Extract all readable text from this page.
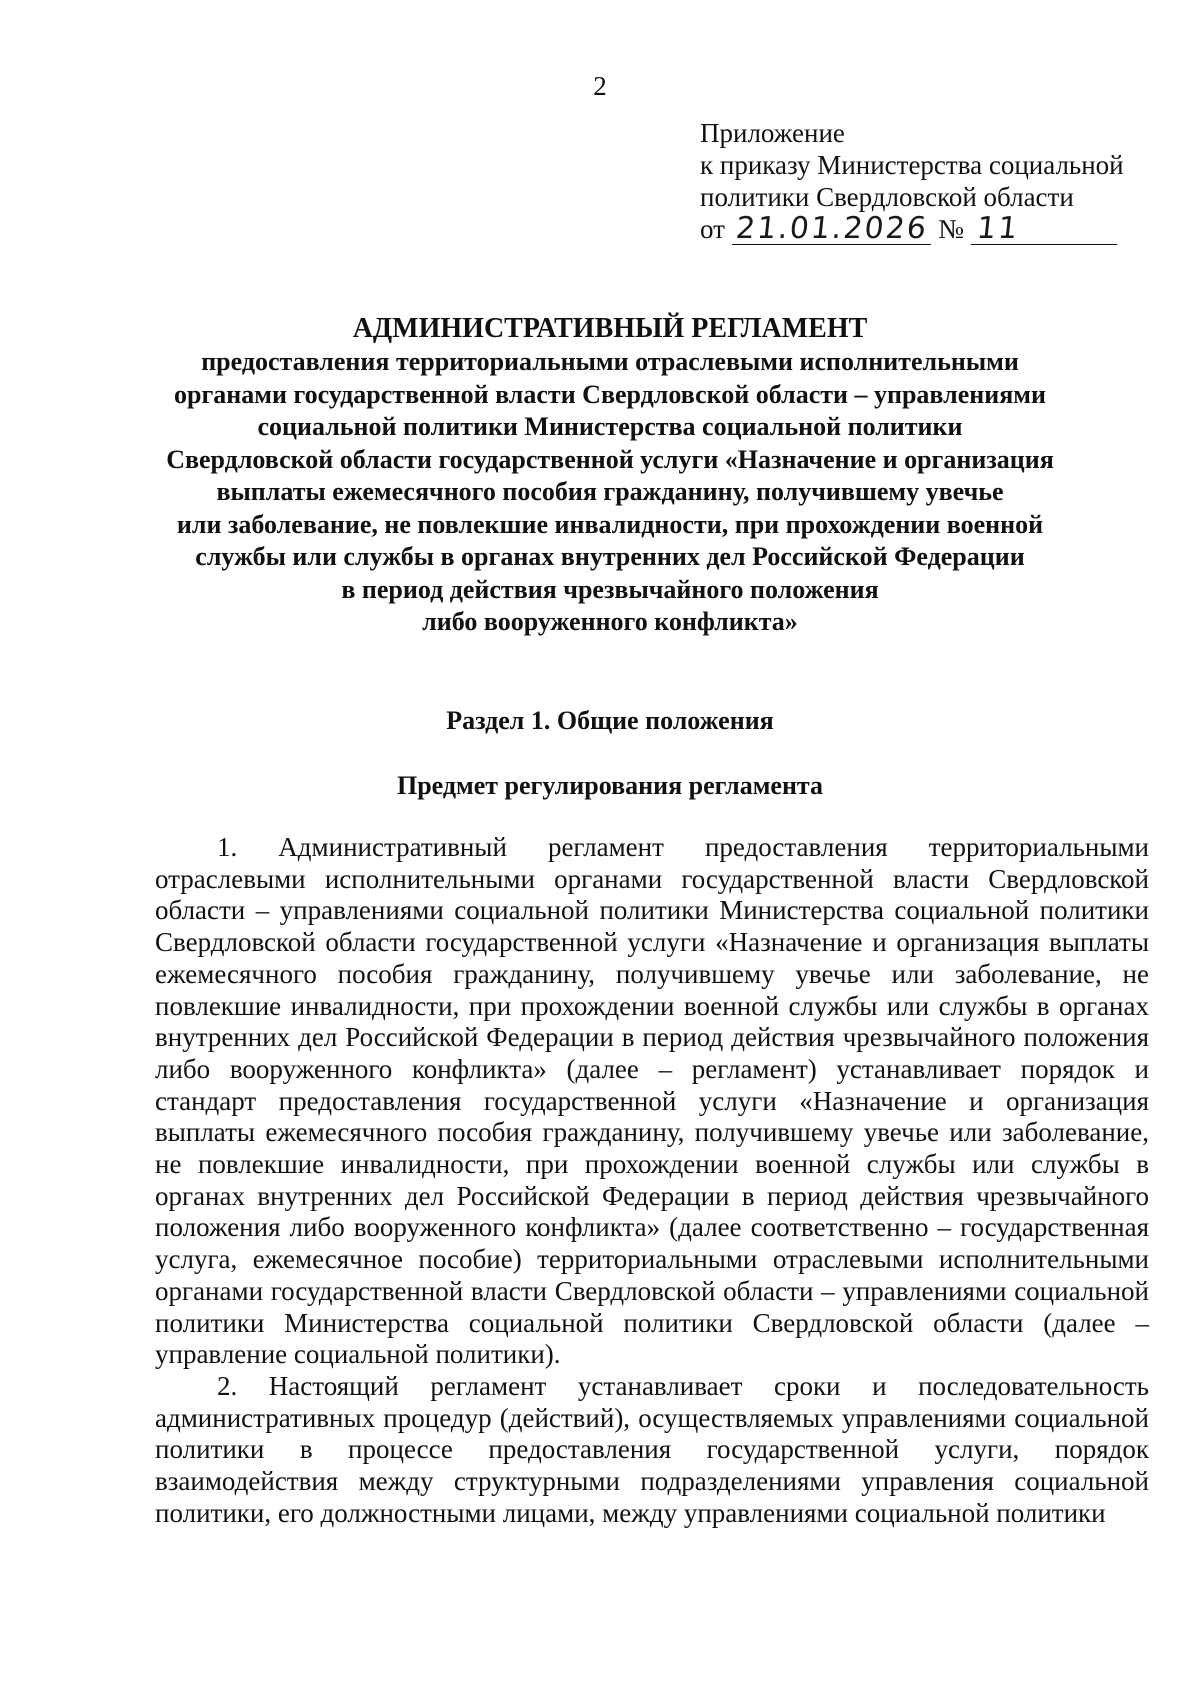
2
Приложение
к приказу Министерства социальной
политики Свердловской области
от 21.01.2026 № 11
АДМИНИСТРАТИВНЫЙ РЕГЛАМЕНТ
предоставления территориальными отраслевыми исполнительными
органами государственной власти Свердловской области – управлениями
социальной политики Министерства социальной политики
Свердловской области государственной услуги «Назначение и организация
выплаты ежемесячного пособия гражданину, получившему увечье
или заболевание, не повлекшие инвалидности, при прохождении военной
службы или службы в органах внутренних дел Российской Федерации
в период действия чрезвычайного положения
либо вооруженного конфликта»
Раздел 1. Общие положения
Предмет регулирования регламента

1. Административный регламент предоставления территориальными отраслевыми исполнительными органами государственной власти Свердловской области – управлениями социальной политики Министерства социальной политики Свердловской области государственной услуги «Назначение и организация выплаты ежемесячного пособия гражданину, получившему увечье или заболевание, не повлекшие инвалидности, при прохождении военной службы или службы в органах внутренних дел Российской Федерации в период действия чрезвычайного положения либо вооруженного конфликта» (далее – регламент) устанавливает порядок и стандарт предоставления государственной услуги «Назначение и организация выплаты ежемесячного пособия гражданину, получившему увечье или заболевание, не повлекшие инвалидности, при прохождении военной службы или службы в органах внутренних дел Российской Федерации в период действия чрезвычайного положения либо вооруженного конфликта» (далее соответственно – государственная услуга, ежемесячное пособие) территориальными отраслевыми исполнительными органами государственной власти Свердловской области – управлениями социальной политики Министерства социальной политики Свердловской области (далее – управление социальной политики).

2. Настоящий регламент устанавливает сроки и последовательность административных процедур (действий), осуществляемых управлениями социальной политики в процессе предоставления государственной услуги, порядок взаимодействия между структурными подразделениями управления социальной политики, его должностными лицами, между управлениями социальной политики
